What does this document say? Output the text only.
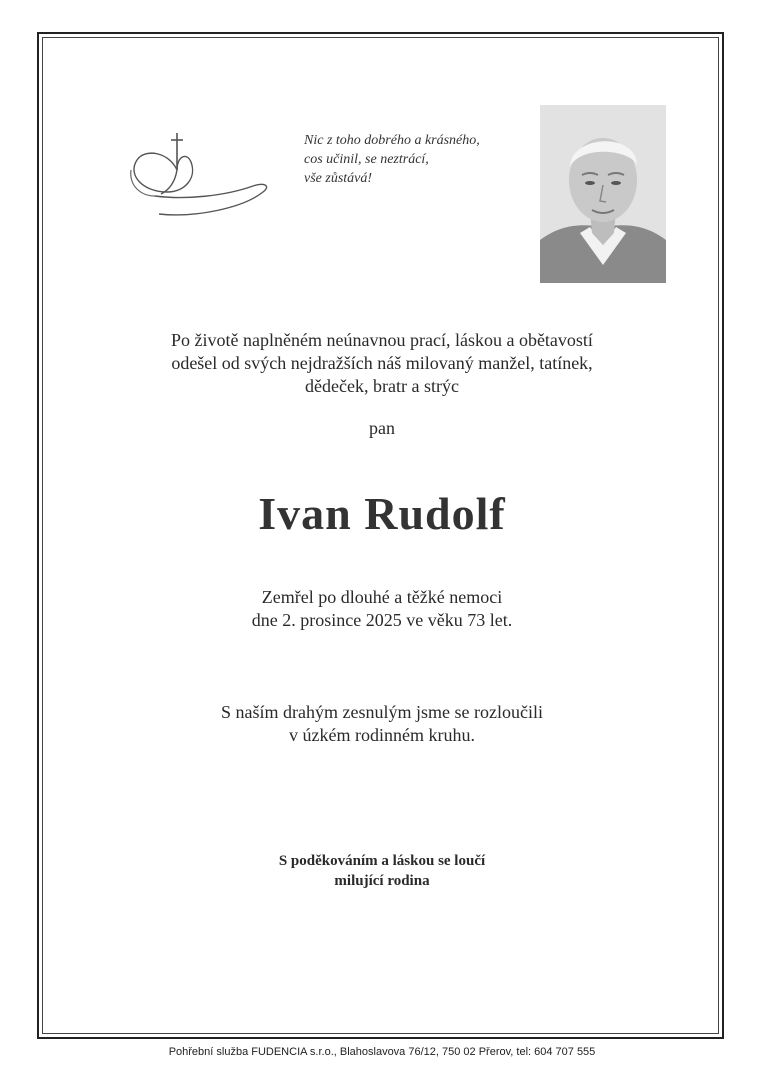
Nic z toho dobrého a krásného,
cos učinil, se neztrácí,
vše zůstává!
Po životě naplněném neúnavnou prací, láskou a obětavostí
odešel od svých nejdražších náš milovaný manžel, tatínek,
dědeček, bratr a strýc
pan
Ivan Rudolf
Zemřel po dlouhé a těžké nemoci
dne 2. prosince 2025 ve věku 73 let.
S naším drahým zesnulým jsme se rozloučili
v úzkém rodinném kruhu.
S poděkováním a láskou se loučí
milující rodina
Pohřební služba FUDENCIA s.r.o., Blahoslavova 76/12, 750 02 Přerov, tel: 604 707 555
